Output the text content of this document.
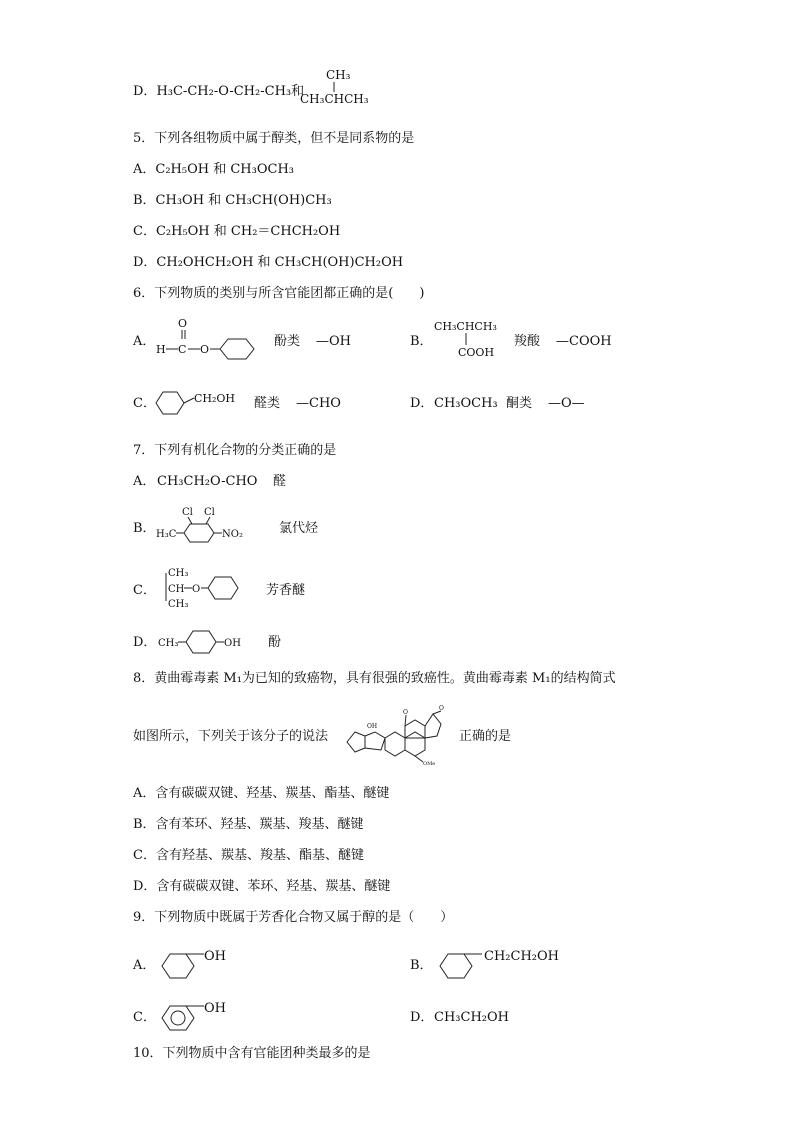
D．H₃C-CH₂-O-CH₂-CH₃和
CH₃
CH₃CHCH₃
5．下列各组物质中属于醇类，但不是同系物的是
A．C₂H₅OH 和 CH₃OCH₃
B．CH₃OH 和 CH₃CH(OH)CH₃
C．C₂H₅OH 和 CH₂＝CHCH₂OH
D．CH₂OHCH₂OH 和 CH₃CH(OH)CH₂OH
6．下列物质的类别与所含官能团都正确的是(　　)
A．
O
H C O
酚类 —OH	B．
CH₃CHCH₃
COOH
羧酸 —COOH
C．	CH₂OH 醛类 —CHO	D． CH₃OCH₃ 酮类 —O—
7．下列有机化合物的分类正确的是
A． CH₃CH₂O-CHO 醛
B．
Cl Cl
H₃C	NO₂	氯代烃
C．
CH₃
CH O
CH₃
芳香醚
D． CH₃	OH 酚
8．黄曲霉毒素 M₁为已知的致癌物，具有很强的致癌性。黄曲霉毒素 M₁的结构简式
如图所示，下列关于该分子的说法
OH
O
O
OMe
正确的是
A．含有碳碳双键、羟基、羰基、酯基、醚键
B．含有苯环、羟基、羰基、羧基、醚键
C．含有羟基、羰基、羧基、酯基、醚键
D．含有碳碳双键、苯环、羟基、羰基、醚键
9．下列物质中既属于芳香化合物又属于醇的是（　　）
A．
OH
B．
CH₂CH₂OH
C．
OH
D． CH₃CH₂OH
10．下列物质中含有官能团种类最多的是
